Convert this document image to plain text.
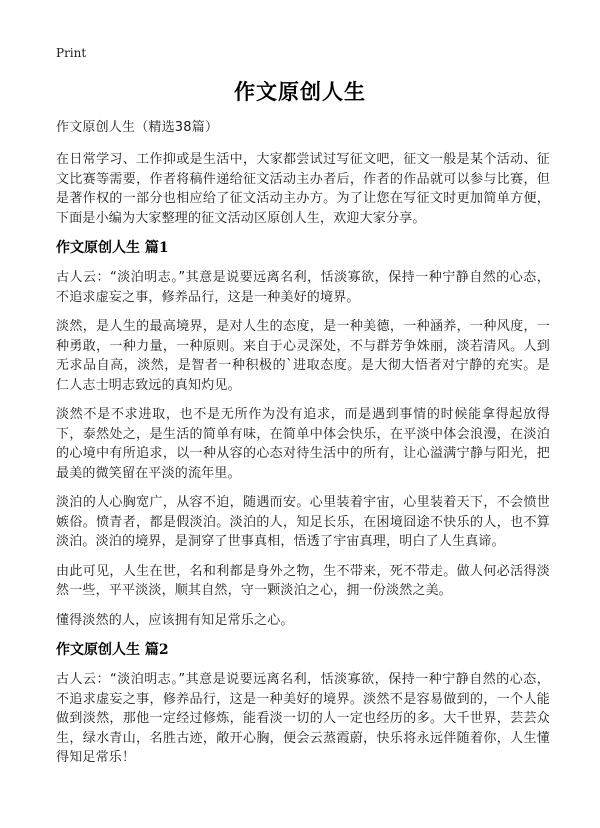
Print
作文原创人生
作文原创人生（精选38篇）

在日常学习、工作抑或是生活中，大家都尝试过写征文吧，征文一般是某个活动、征文比赛等需要，作者将稿件递给征文活动主办者后，作者的作品就可以参与比赛，但是著作权的一部分也相应给了征文活动主办方。为了让您在写征文时更加简单方便，下面是小编为大家整理的征文活动区原创人生，欢迎大家分享。

作文原创人生 篇1

古人云：“淡泊明志。”其意是说要远离名利，恬淡寡欲，保持一种宁静自然的心态，不追求虚妄之事，修养品行，这是一种美好的境界。

淡然，是人生的最高境界，是对人生的态度，是一种美德，一种涵养，一种风度，一种勇敢，一种力量，一种原则。来自于心灵深处，不与群芳争姝丽，淡若清风。人到无求品自高，淡然，是智者一种积极的`进取态度。是大彻大悟者对宁静的充实。是仁人志士明志致远的真知灼见。

淡然不是不求进取，也不是无所作为没有追求，而是遇到事情的时候能拿得起放得下，泰然处之，是生活的简单有味，在简单中体会快乐，在平淡中体会浪漫，在淡泊的心境中有所追求，以一种从容的心态对待生活中的所有，让心溢满宁静与阳光，把最美的微笑留在平淡的流年里。

淡泊的人心胸宽广，从容不迫，随遇而安。心里装着宇宙，心里装着天下，不会愤世嫉俗。愤青者，都是假淡泊。淡泊的人，知足长乐，在困境囧途不快乐的人，也不算淡泊。淡泊的境界，是洞穿了世事真相，悟透了宇宙真理，明白了人生真谛。

由此可见，人生在世，名和利都是身外之物，生不带来，死不带走。做人何必活得淡然一些，平平淡淡，顺其自然，守一颗淡泊之心，拥一份淡然之美。

懂得淡然的人，应该拥有知足常乐之心。

作文原创人生 篇2

古人云：“淡泊明志。”其意是说要远离名利，恬淡寡欲，保持一种宁静自然的心态，不追求虚妄之事，修养品行，这是一种美好的境界。淡然不是容易做到的，一个人能做到淡然，那他一定经过修炼，能看淡一切的人一定也经历的多。大千世界，芸芸众生，绿水青山，名胜古迹，敞开心胸，便会云蒸霞蔚，快乐将永远伴随着你，人生懂得知足常乐！
